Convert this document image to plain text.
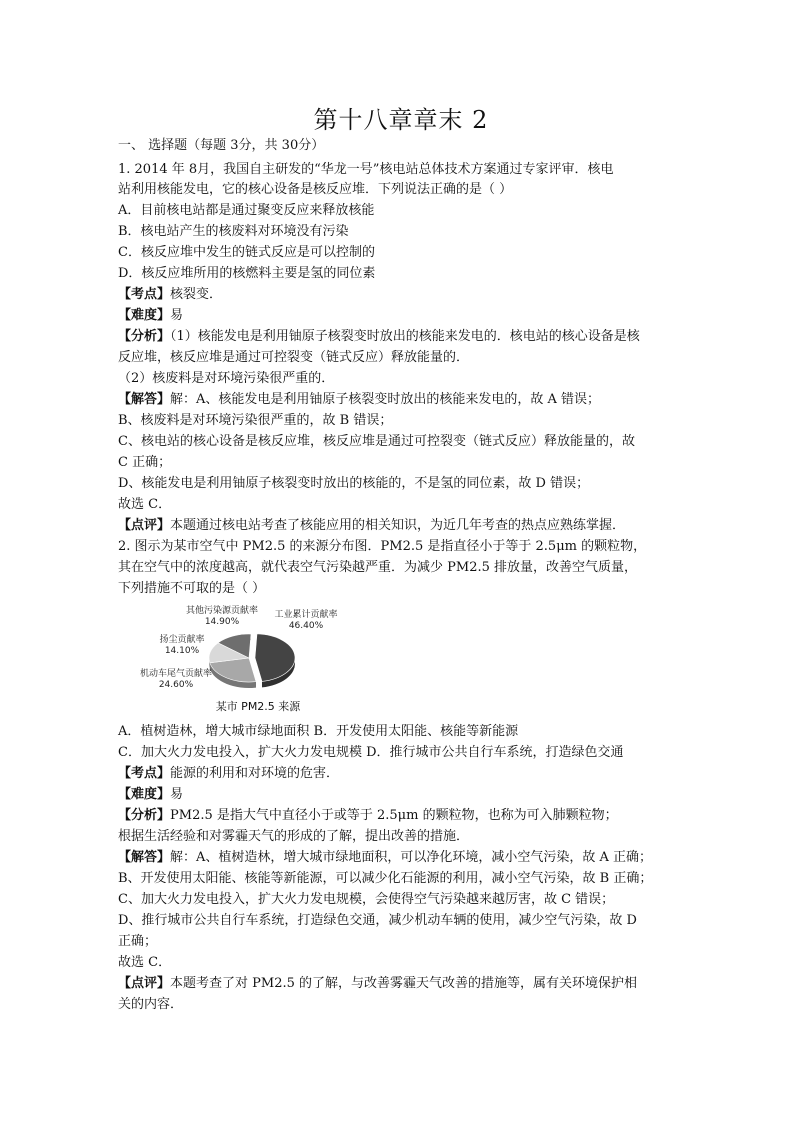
第十八章章末 2
一、 选择题（每题 3分，共 30分）
1. 2014 年 8月，我国自主研发的“华龙一号”核电站总体技术方案通过专家评审．核电
站利用核能发电，它的核心设备是核反应堆．下列说法正确的是（ ）
A．目前核电站都是通过聚变反应来释放核能
B．核电站产生的核废料对环境没有污染
C．核反应堆中发生的链式反应是可以控制的
D．核反应堆所用的核燃料主要是氢的同位素
【考点】核裂变．
【难度】易
【分析】（1）核能发电是利用铀原子核裂变时放出的核能来发电的．核电站的核心设备是核
反应堆，核反应堆是通过可控裂变（链式反应）释放能量的．
（2）核废料是对环境污染很严重的．
【解答】解：A、核能发电是利用铀原子核裂变时放出的核能来发电的，故 A 错误；
B、核废料是对环境污染很严重的，故 B 错误；
C、核电站的核心设备是核反应堆，核反应堆是通过可控裂变（链式反应）释放能量的，故
C 正确；
D、核能发电是利用铀原子核裂变时放出的核能的，不是氢的同位素，故 D 错误；
故选 C．
【点评】本题通过核电站考查了核能应用的相关知识，为近几年考查的热点应熟练掌握．
2. 图示为某市空气中 PM2.5 的来源分布图．PM2.5 是指直径小于等于 2.5μm 的颗粒物，
其在空气中的浓度越高，就代表空气污染越严重．为减少 PM2.5 排放量，改善空气质量，
下列措施不可取的是（ ）
工业累计贡献率
46.40%
机动车尾气贡献率
24.60%
扬尘贡献率
14.10%
其他污染源贡献率
14.90%
某市 PM2.5 来源
A．植树造林，增大城市绿地面积 B．开发使用太阳能、核能等新能源
C．加大火力发电投入，扩大火力发电规模 D．推行城市公共自行车系统，打造绿色交通
【考点】能源的利用和对环境的危害．
【难度】易
【分析】PM2.5 是指大气中直径小于或等于 2.5μm 的颗粒物，也称为可入肺颗粒物；
根据生活经验和对雾霾天气的形成的了解，提出改善的措施．
【解答】解：A、植树造林，增大城市绿地面积，可以净化环境，减小空气污染，故 A 正确；
B、开发使用太阳能、核能等新能源，可以减少化石能源的利用，减小空气污染，故 B 正确；
C、加大火力发电投入，扩大火力发电规模，会使得空气污染越来越厉害，故 C 错误；
D、推行城市公共自行车系统，打造绿色交通，减少机动车辆的使用，减少空气污染，故 D
正确；
故选 C．
【点评】本题考查了对 PM2.5 的了解，与改善雾霾天气改善的措施等，属有关环境保护相
关的内容．
